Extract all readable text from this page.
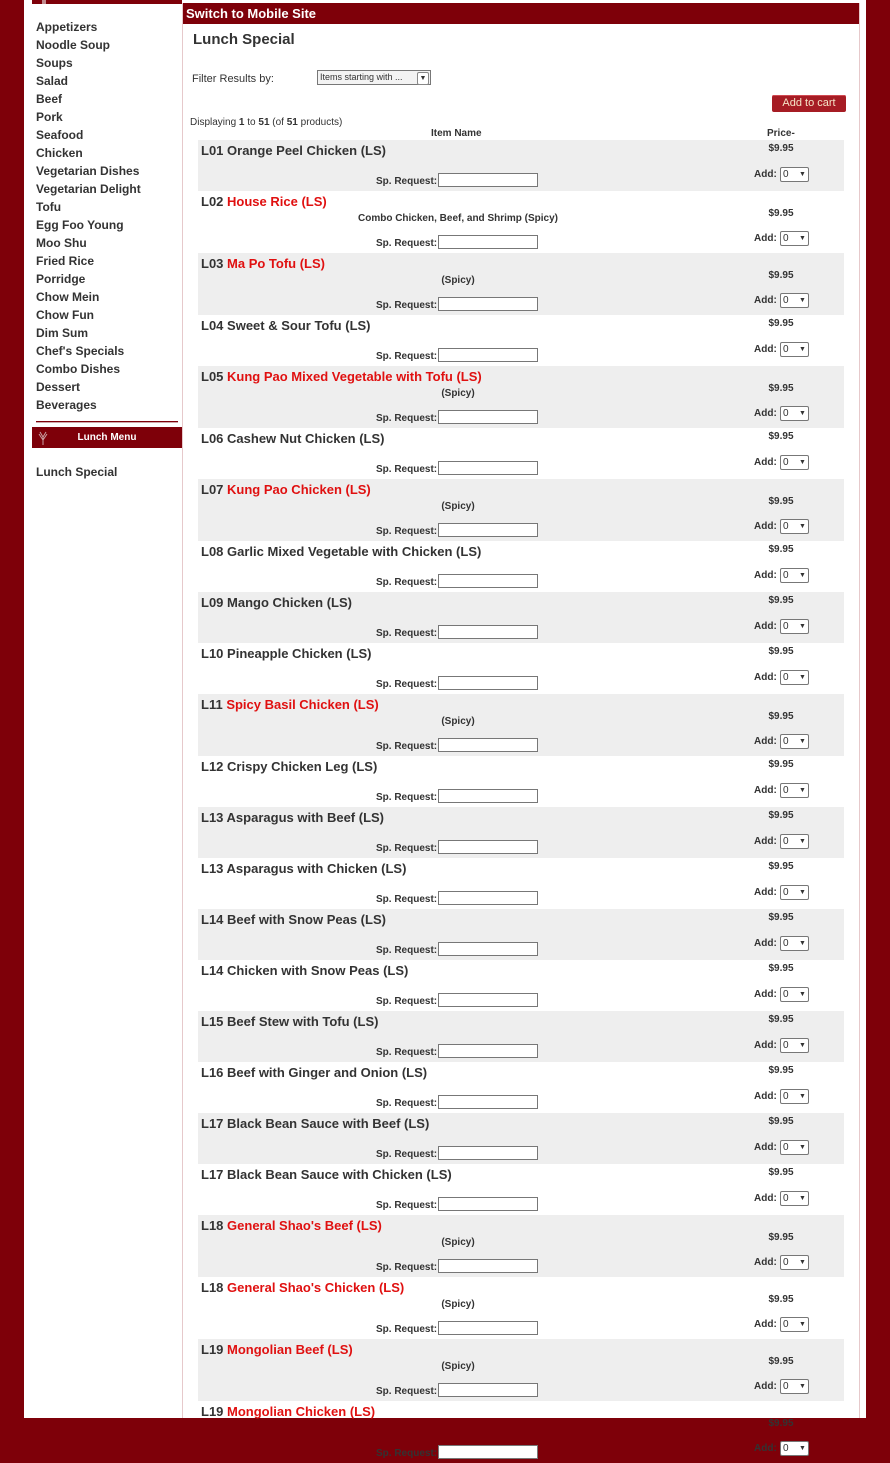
Appetizers
Noodle Soup
Soups
Salad
Beef
Pork
Seafood
Chicken
Vegetarian Dishes
Vegetarian Delight
Tofu
Egg Foo Young
Moo Shu
Fried Rice
Porridge
Chow Mein
Chow Fun
Dim Sum
Chef's Specials
Combo Dishes
Dessert
Beverages
Lunch Menu
Lunch Special
Switch to Mobile Site
Lunch Special
Filter Results by:	Items starting with ...	▼
Add to cart
Displaying 1 to 51 (of 51 products)
Item Name	Price-
L01 Orange Peel Chicken (LS)
Sp. Request:
$9.95
Add: 0 ▼
L02 House Rice (LS)
Combo Chicken, Beef, and Shrimp (Spicy)
Sp. Request:
$9.95
Add: 0 ▼
L03 Ma Po Tofu (LS)
(Spicy)
Sp. Request:
$9.95
Add: 0 ▼
L04 Sweet & Sour Tofu (LS)
Sp. Request:
$9.95
Add: 0 ▼
L05 Kung Pao Mixed Vegetable with Tofu (LS)
(Spicy)
Sp. Request:
$9.95
Add: 0 ▼
L06 Cashew Nut Chicken (LS)
Sp. Request:
$9.95
Add: 0 ▼
L07 Kung Pao Chicken (LS)
(Spicy)
Sp. Request:
$9.95
Add: 0 ▼
L08 Garlic Mixed Vegetable with Chicken (LS)
Sp. Request:
$9.95
Add: 0 ▼
L09 Mango Chicken (LS)
Sp. Request:
$9.95
Add: 0 ▼
L10 Pineapple Chicken (LS)
Sp. Request:
$9.95
Add: 0 ▼
L11 Spicy Basil Chicken (LS)
(Spicy)
Sp. Request:
$9.95
Add: 0 ▼
L12 Crispy Chicken Leg (LS)
Sp. Request:
$9.95
Add: 0 ▼
L13 Asparagus with Beef (LS)
Sp. Request:
$9.95
Add: 0 ▼
L13 Asparagus with Chicken (LS)
Sp. Request:
$9.95
Add: 0 ▼
L14 Beef with Snow Peas (LS)
Sp. Request:
$9.95
Add: 0 ▼
L14 Chicken with Snow Peas (LS)
Sp. Request:
$9.95
Add: 0 ▼
L15 Beef Stew with Tofu (LS)
Sp. Request:
$9.95
Add: 0 ▼
L16 Beef with Ginger and Onion (LS)
Sp. Request:
$9.95
Add: 0 ▼
L17 Black Bean Sauce with Beef (LS)
Sp. Request:
$9.95
Add: 0 ▼
L17 Black Bean Sauce with Chicken (LS)
Sp. Request:
$9.95
Add: 0 ▼
L18 General Shao's Beef (LS)
(Spicy)
Sp. Request:
$9.95
Add: 0 ▼
L18 General Shao's Chicken (LS)
(Spicy)
Sp. Request:
$9.95
Add: 0 ▼
L19 Mongolian Beef (LS)
(Spicy)
Sp. Request:
$9.95
Add: 0 ▼
L19 Mongolian Chicken (LS)
Sp. Request:
$9.95
Add: 0 ▼
